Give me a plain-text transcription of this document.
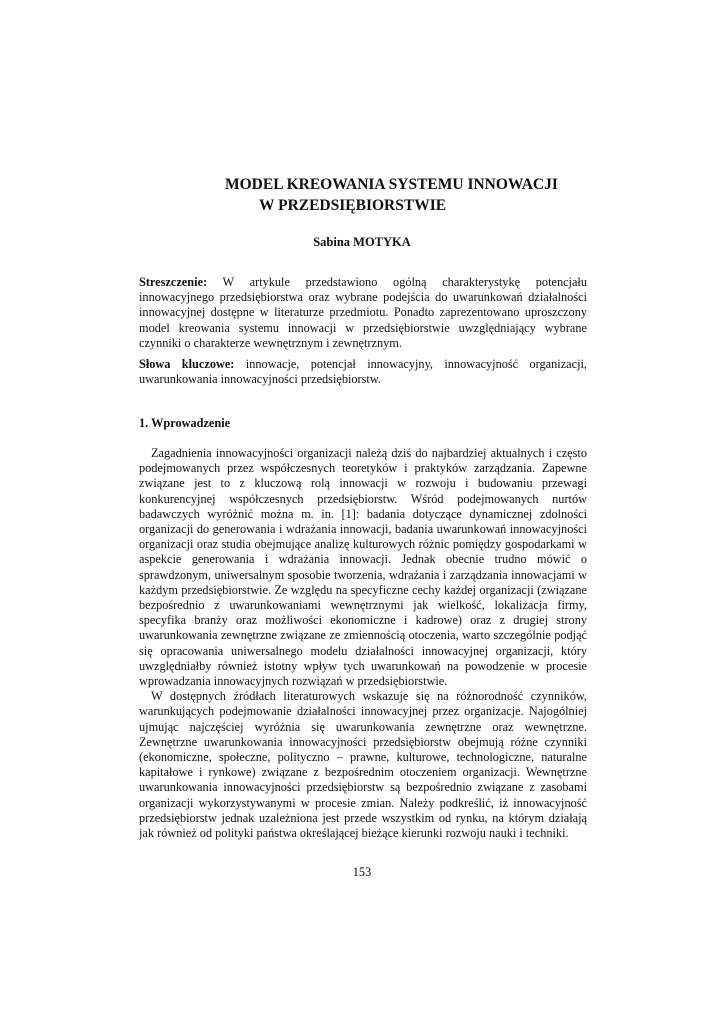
MODEL KREOWANIA SYSTEMU INNOWACJI
W PRZEDSIĘBIORSTWIE
Sabina MOTYKA
Streszczenie: W artykule przedstawiono ogólną charakterystykę potencjału innowacyjnego przedsiębiorstwa oraz wybrane podejścia do uwarunkowań działalności innowacyjnej dostępne w literaturze przedmiotu. Ponadto zaprezentowano uproszczony model kreowania systemu innowacji w przedsiębiorstwie uwzględniający wybrane czynniki o charakterze wewnętrznym i zewnętrznym.
Słowa kluczowe: innowacje, potencjał innowacyjny, innowacyjność organizacji, uwarunkowania innowacyjności przedsiębiorstw.
1. Wprowadzenie

Zagadnienia innowacyjności organizacji należą dziś do najbardziej aktualnych i często podejmowanych przez współczesnych teoretyków i praktyków zarządzania. Zapewne związane jest to z kluczową rolą innowacji w rozwoju i budowaniu przewagi konkurencyjnej współczesnych przedsiębiorstw. Wśród podejmowanych nurtów badawczych wyróżnić można m. in. [1]: badania dotyczące dynamicznej zdolności organizacji do generowania i wdrażania innowacji, badania uwarunkowań innowacyjności organizacji oraz studia obejmujące analizę kulturowych różnic pomiędzy gospodarkami w aspekcie generowania i wdrażania innowacji. Jednak obecnie trudno mówić o sprawdzonym, uniwersalnym sposobie tworzenia, wdrażania i zarządzania innowacjami w każdym przedsiębiorstwie. Ze względu na specyficzne cechy każdej organizacji (związane bezpośrednio z uwarunkowaniami wewnętrznymi jak wielkość, lokalizacja firmy, specyfika branży oraz możliwości ekonomiczne i kadrowe) oraz z drugiej strony uwarunkowania zewnętrzne związane ze zmiennością otoczenia, warto szczególnie podjąć się opracowania uniwersalnego modelu działalności innowacyjnej organizacji, który uwzględniałby również istotny wpływ tych uwarunkowań na powodzenie w procesie wprowadzania innowacyjnych rozwiązań w przedsiębiorstwie.

W dostępnych źródłach literaturowych wskazuje się na różnorodność czynników, warunkujących podejmowanie działalności innowacyjnej przez organizacje. Najogólniej ujmując najczęściej wyróżnia się uwarunkowania zewnętrzne oraz wewnętrzne. Zewnętrzne uwarunkowania innowacyjności przedsiębiorstw obejmują różne czynniki (ekonomiczne, społeczne, polityczno – prawne, kulturowe, technologiczne, naturalne kapitałowe i rynkowe) związane z bezpośrednim otoczeniem organizacji. Wewnętrzne uwarunkowania innowacyjności przedsiębiorstw są bezpośrednio związane z zasobami organizacji wykorzystywanymi w procesie zmian. Należy podkreślić, iż innowacyjność przedsiębiorstw jednak uzależniona jest przede wszystkim od rynku, na którym działają jak również od polityki państwa określającej bieżące kierunki rozwoju nauki i techniki.

153
